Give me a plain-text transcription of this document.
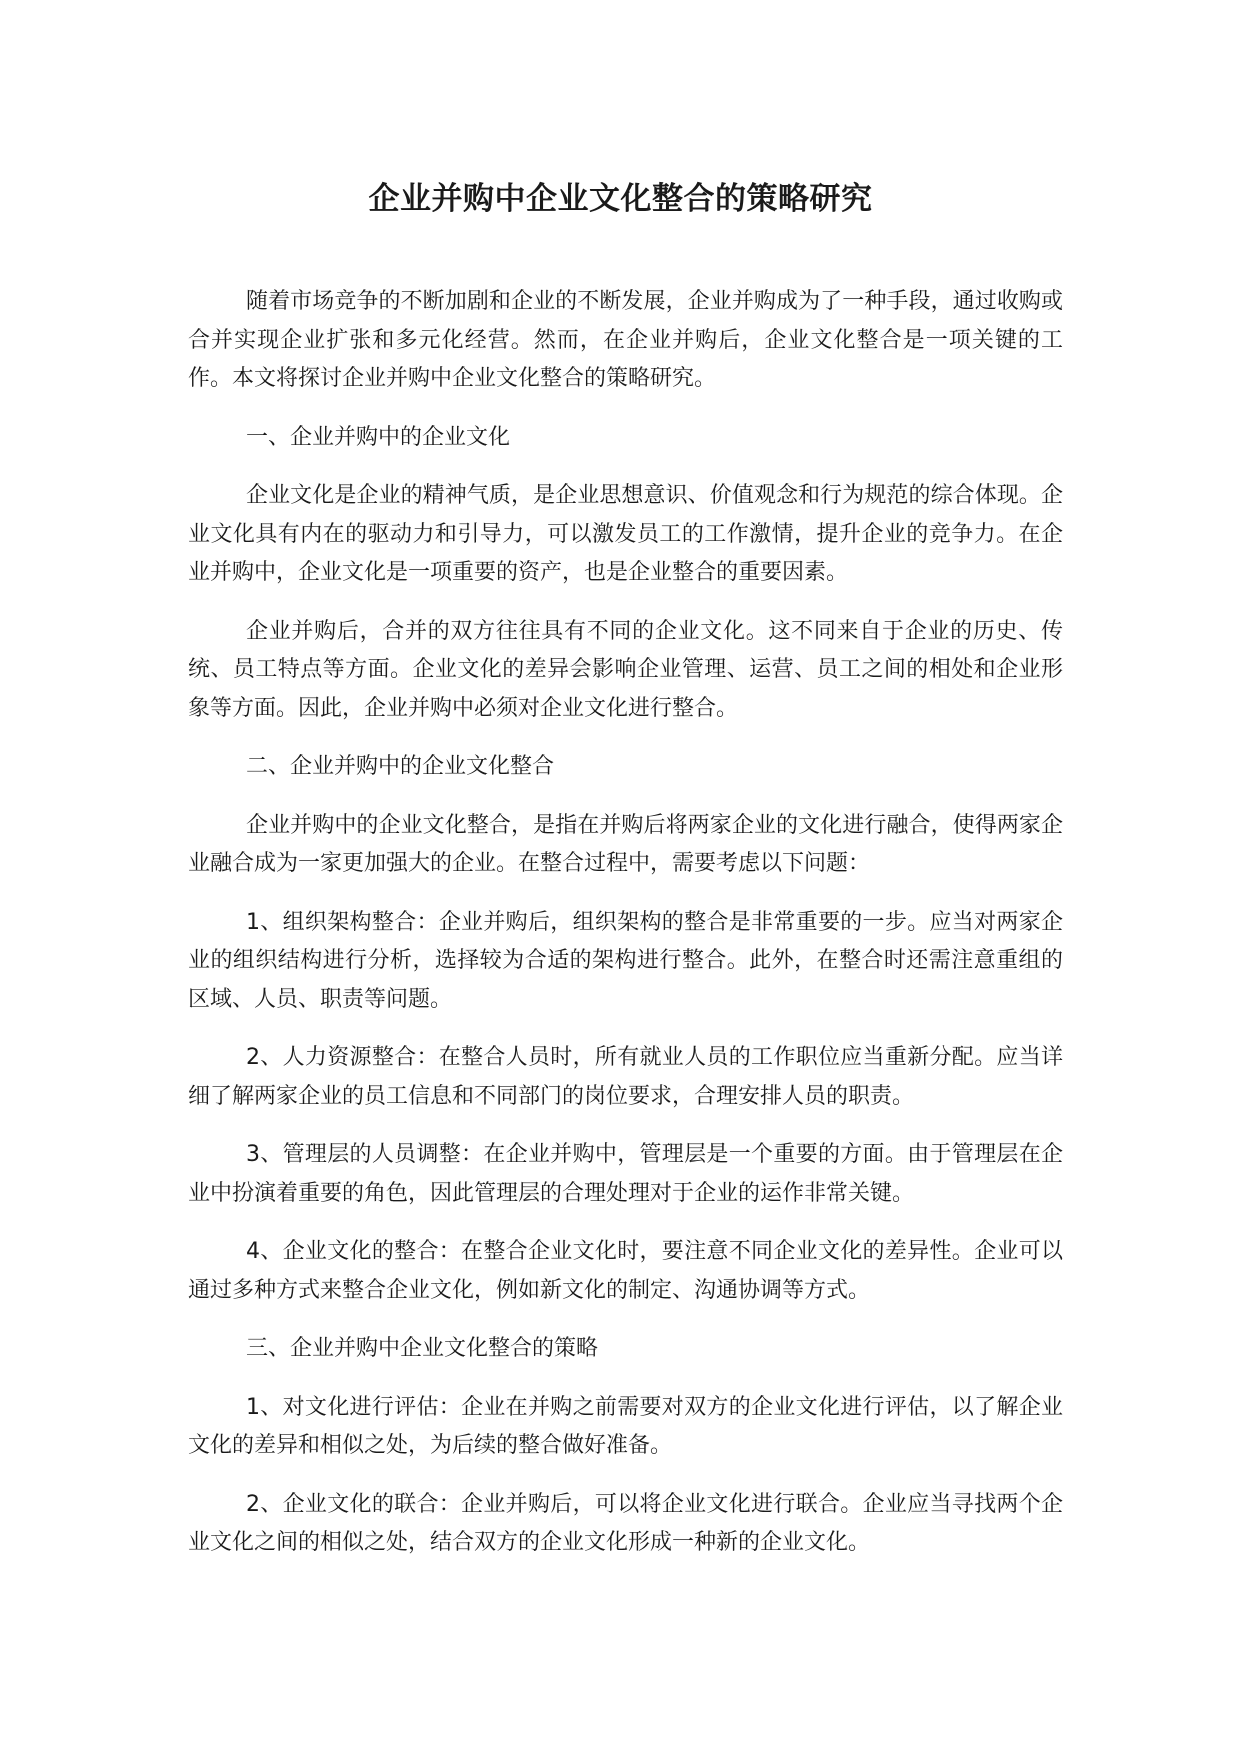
企业并购中企业文化整合的策略研究

随着市场竞争的不断加剧和企业的不断发展，企业并购成为了一种手段，通过收购或合并实现企业扩张和多元化经营。然而，在企业并购后，企业文化整合是一项关键的工作。本文将探讨企业并购中企业文化整合的策略研究。

一、企业并购中的企业文化

企业文化是企业的精神气质，是企业思想意识、价值观念和行为规范的综合体现。企业文化具有内在的驱动力和引导力，可以激发员工的工作激情，提升企业的竞争力。在企业并购中，企业文化是一项重要的资产，也是企业整合的重要因素。

企业并购后，合并的双方往往具有不同的企业文化。这不同来自于企业的历史、传统、员工特点等方面。企业文化的差异会影响企业管理、运营、员工之间的相处和企业形象等方面。因此，企业并购中必须对企业文化进行整合。

二、企业并购中的企业文化整合

企业并购中的企业文化整合，是指在并购后将两家企业的文化进行融合，使得两家企业融合成为一家更加强大的企业。在整合过程中，需要考虑以下问题：

1、组织架构整合：企业并购后，组织架构的整合是非常重要的一步。应当对两家企业的组织结构进行分析，选择较为合适的架构进行整合。此外，在整合时还需注意重组的区域、人员、职责等问题。

2、人力资源整合：在整合人员时，所有就业人员的工作职位应当重新分配。应当详细了解两家企业的员工信息和不同部门的岗位要求，合理安排人员的职责。

3、管理层的人员调整：在企业并购中，管理层是一个重要的方面。由于管理层在企业中扮演着重要的角色，因此管理层的合理处理对于企业的运作非常关键。

4、企业文化的整合：在整合企业文化时，要注意不同企业文化的差异性。企业可以通过多种方式来整合企业文化，例如新文化的制定、沟通协调等方式。

三、企业并购中企业文化整合的策略

1、对文化进行评估：企业在并购之前需要对双方的企业文化进行评估，以了解企业文化的差异和相似之处，为后续的整合做好准备。

2、企业文化的联合：企业并购后，可以将企业文化进行联合。企业应当寻找两个企业文化之间的相似之处，结合双方的企业文化形成一种新的企业文化。
